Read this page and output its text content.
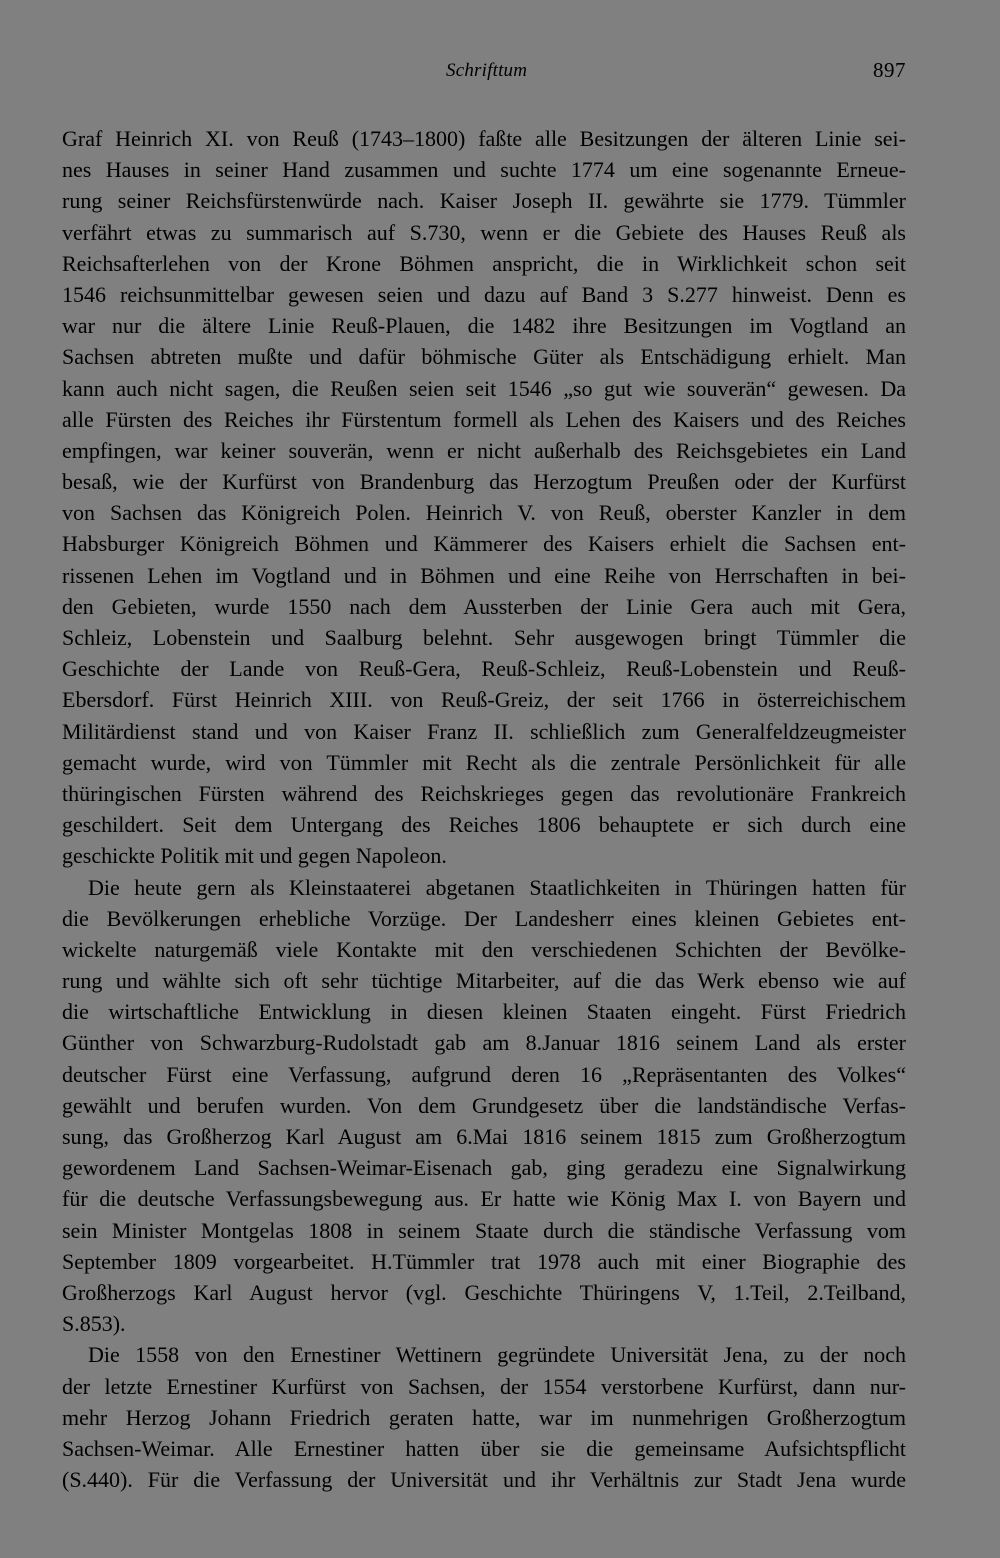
Schrifttum	897
Graf Heinrich XI. von Reuß (1743–1800) faßte alle Besitzungen der älteren Linie sei-
nes Hauses in seiner Hand zusammen und suchte 1774 um eine sogenannte Erneue-
rung seiner Reichsfürstenwürde nach. Kaiser Joseph II. gewährte sie 1779. Tümmler
verfährt etwas zu summarisch auf S.730, wenn er die Gebiete des Hauses Reuß als
Reichsafterlehen von der Krone Böhmen anspricht, die in Wirklichkeit schon seit
1546 reichsunmittelbar gewesen seien und dazu auf Band 3 S.277 hinweist. Denn es
war nur die ältere Linie Reuß-Plauen, die 1482 ihre Besitzungen im Vogtland an
Sachsen abtreten mußte und dafür böhmische Güter als Entschädigung erhielt. Man
kann auch nicht sagen, die Reußen seien seit 1546 „so gut wie souverän“ gewesen. Da
alle Fürsten des Reiches ihr Fürstentum formell als Lehen des Kaisers und des Reiches
empfingen, war keiner souverän, wenn er nicht außerhalb des Reichsgebietes ein Land
besaß, wie der Kurfürst von Brandenburg das Herzogtum Preußen oder der Kurfürst
von Sachsen das Königreich Polen. Heinrich V. von Reuß, oberster Kanzler in dem
Habsburger Königreich Böhmen und Kämmerer des Kaisers erhielt die Sachsen ent-
rissenen Lehen im Vogtland und in Böhmen und eine Reihe von Herrschaften in bei-
den Gebieten, wurde 1550 nach dem Aussterben der Linie Gera auch mit Gera,
Schleiz, Lobenstein und Saalburg belehnt. Sehr ausgewogen bringt Tümmler die
Geschichte der Lande von Reuß-Gera, Reuß-Schleiz, Reuß-Lobenstein und Reuß-
Ebersdorf. Fürst Heinrich XIII. von Reuß-Greiz, der seit 1766 in österreichischem
Militärdienst stand und von Kaiser Franz II. schließlich zum Generalfeldzeugmeister
gemacht wurde, wird von Tümmler mit Recht als die zentrale Persönlichkeit für alle
thüringischen Fürsten während des Reichskrieges gegen das revolutionäre Frankreich
geschildert. Seit dem Untergang des Reiches 1806 behauptete er sich durch eine
geschickte Politik mit und gegen Napoleon.
Die heute gern als Kleinstaaterei abgetanen Staatlichkeiten in Thüringen hatten für
die Bevölkerungen erhebliche Vorzüge. Der Landesherr eines kleinen Gebietes ent-
wickelte naturgemäß viele Kontakte mit den verschiedenen Schichten der Bevölke-
rung und wählte sich oft sehr tüchtige Mitarbeiter, auf die das Werk ebenso wie auf
die wirtschaftliche Entwicklung in diesen kleinen Staaten eingeht. Fürst Friedrich
Günther von Schwarzburg-Rudolstadt gab am 8.Januar 1816 seinem Land als erster
deutscher Fürst eine Verfassung, aufgrund deren 16 „Repräsentanten des Volkes“
gewählt und berufen wurden. Von dem Grundgesetz über die landständische Verfas-
sung, das Großherzog Karl August am 6.Mai 1816 seinem 1815 zum Großherzogtum
gewordenem Land Sachsen-Weimar-Eisenach gab, ging geradezu eine Signalwirkung
für die deutsche Verfassungsbewegung aus. Er hatte wie König Max I. von Bayern und
sein Minister Montgelas 1808 in seinem Staate durch die ständische Verfassung vom
September 1809 vorgearbeitet. H.Tümmler trat 1978 auch mit einer Biographie des
Großherzogs Karl August hervor (vgl. Geschichte Thüringens V, 1.Teil, 2.Teilband,
S.853).
Die 1558 von den Ernestiner Wettinern gegründete Universität Jena, zu der noch
der letzte Ernestiner Kurfürst von Sachsen, der 1554 verstorbene Kurfürst, dann nur-
mehr Herzog Johann Friedrich geraten hatte, war im nunmehrigen Großherzogtum
Sachsen-Weimar. Alle Ernestiner hatten über sie die gemeinsame Aufsichtspflicht
(S.440). Für die Verfassung der Universität und ihr Verhältnis zur Stadt Jena wurde
